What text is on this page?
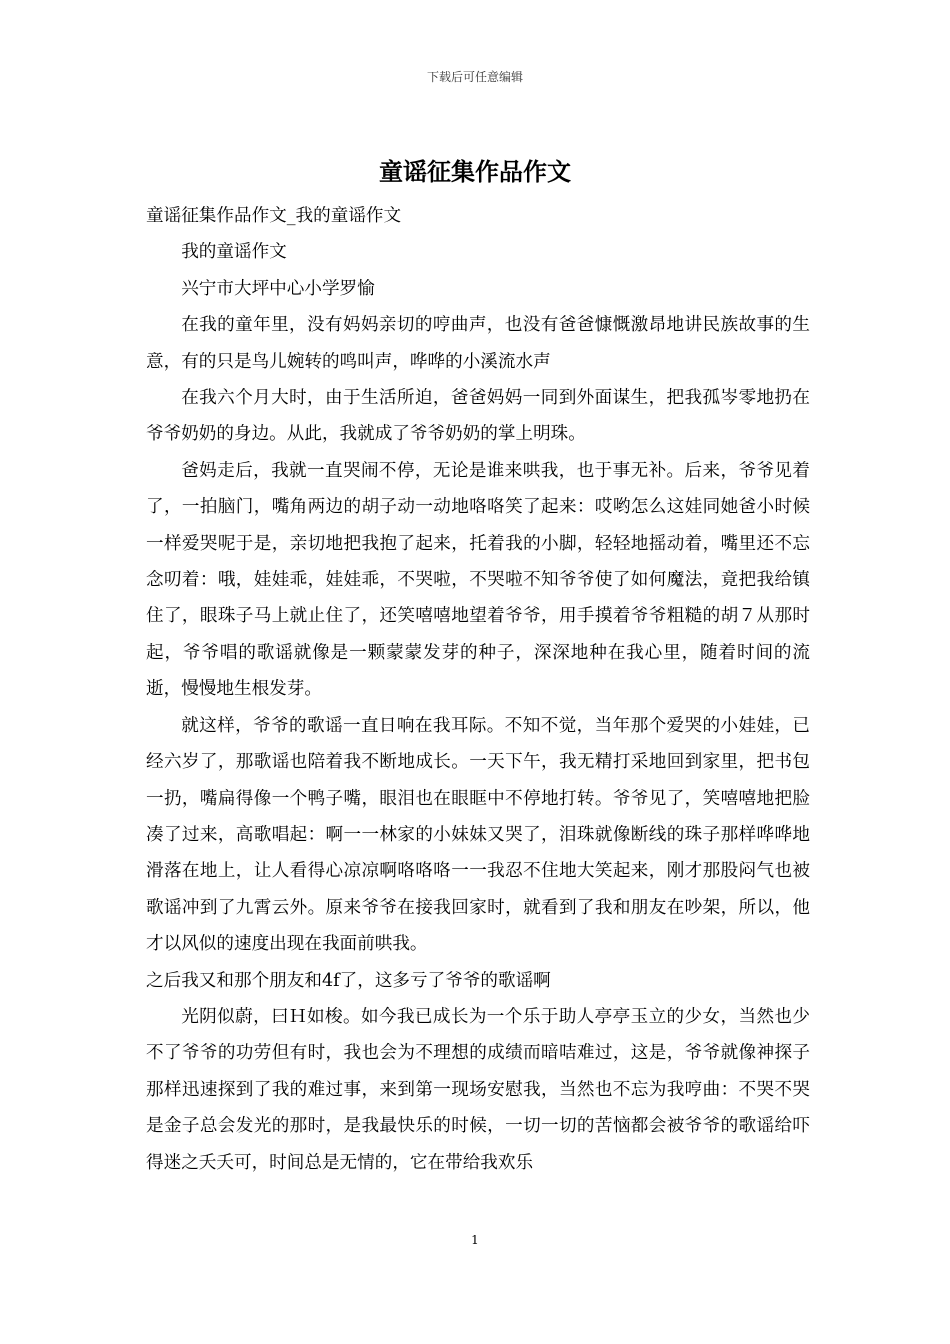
下载后可任意编辑
童谣征集作品作文

童谣征集作品作文_我的童谣作文

我的童谣作文

兴宁市大坪中心小学罗愉

在我的童年里，没有妈妈亲切的哼曲声，也没有爸爸慷慨激昂地讲民族故事的生意，有的只是鸟儿婉转的鸣叫声，哗哗的小溪流水声

在我六个月大时，由于生活所迫，爸爸妈妈一同到外面谋生，把我孤岑零地扔在爷爷奶奶的身边。从此，我就成了爷爷奶奶的掌上明珠。

爸妈走后，我就一直哭闹不停，无论是谁来哄我，也于事无补。后来，爷爷见着了，一拍脑门，嘴角两边的胡子动一动地咯咯笑了起来：哎哟怎么这娃同她爸小时候一样爱哭呢于是，亲切地把我抱了起来，托着我的小脚，轻轻地摇动着，嘴里还不忘念叨着：哦，娃娃乖，娃娃乖，不哭啦，不哭啦不知爷爷使了如何魔法，竟把我给镇住了，眼珠子马上就止住了，还笑嘻嘻地望着爷爷，用手摸着爷爷粗糙的胡７从那时起，爷爷唱的歌谣就像是一颗蒙蒙发芽的种子，深深地种在我心里，随着时间的流逝，慢慢地生根发芽。

就这样，爷爷的歌谣一直日响在我耳际。不知不觉，当年那个爱哭的小娃娃，已经六岁了，那歌谣也陪着我不断地成长。一天下午，我无精打采地回到家里，把书包一扔，嘴扁得像一个鸭子嘴，眼泪也在眼眶中不停地打转。爷爷见了，笑嘻嘻地把脸凑了过来，高歌唱起：啊一一林家的小妹妹又哭了，泪珠就像断线的珠子那样哗哗地滑落在地上，让人看得心凉凉啊咯咯咯一一我忍不住地大笑起来，刚才那股闷气也被歌谣冲到了九霄云外。原来爷爷在接我回家时，就看到了我和朋友在吵架，所以，他才以风似的速度出现在我面前哄我。

之后我又和那个朋友和4f了，这多亏了爷爷的歌谣啊

光阴似蔚，曰Ｈ如梭。如今我已成长为一个乐于助人亭亭玉立的少女，当然也少不了爷爷的功劳但有时，我也会为不理想的成绩而暗咭难过，这是，爷爷就像神探子那样迅速探到了我的难过事，来到第一现场安慰我，当然也不忘为我哼曲：不哭不哭是金子总会发光的那时，是我最快乐的时候，一切一切的苦恼都会被爷爷的歌谣给吓得迷之夭夭可，时间总是无情的，它在带给我欢乐

1
